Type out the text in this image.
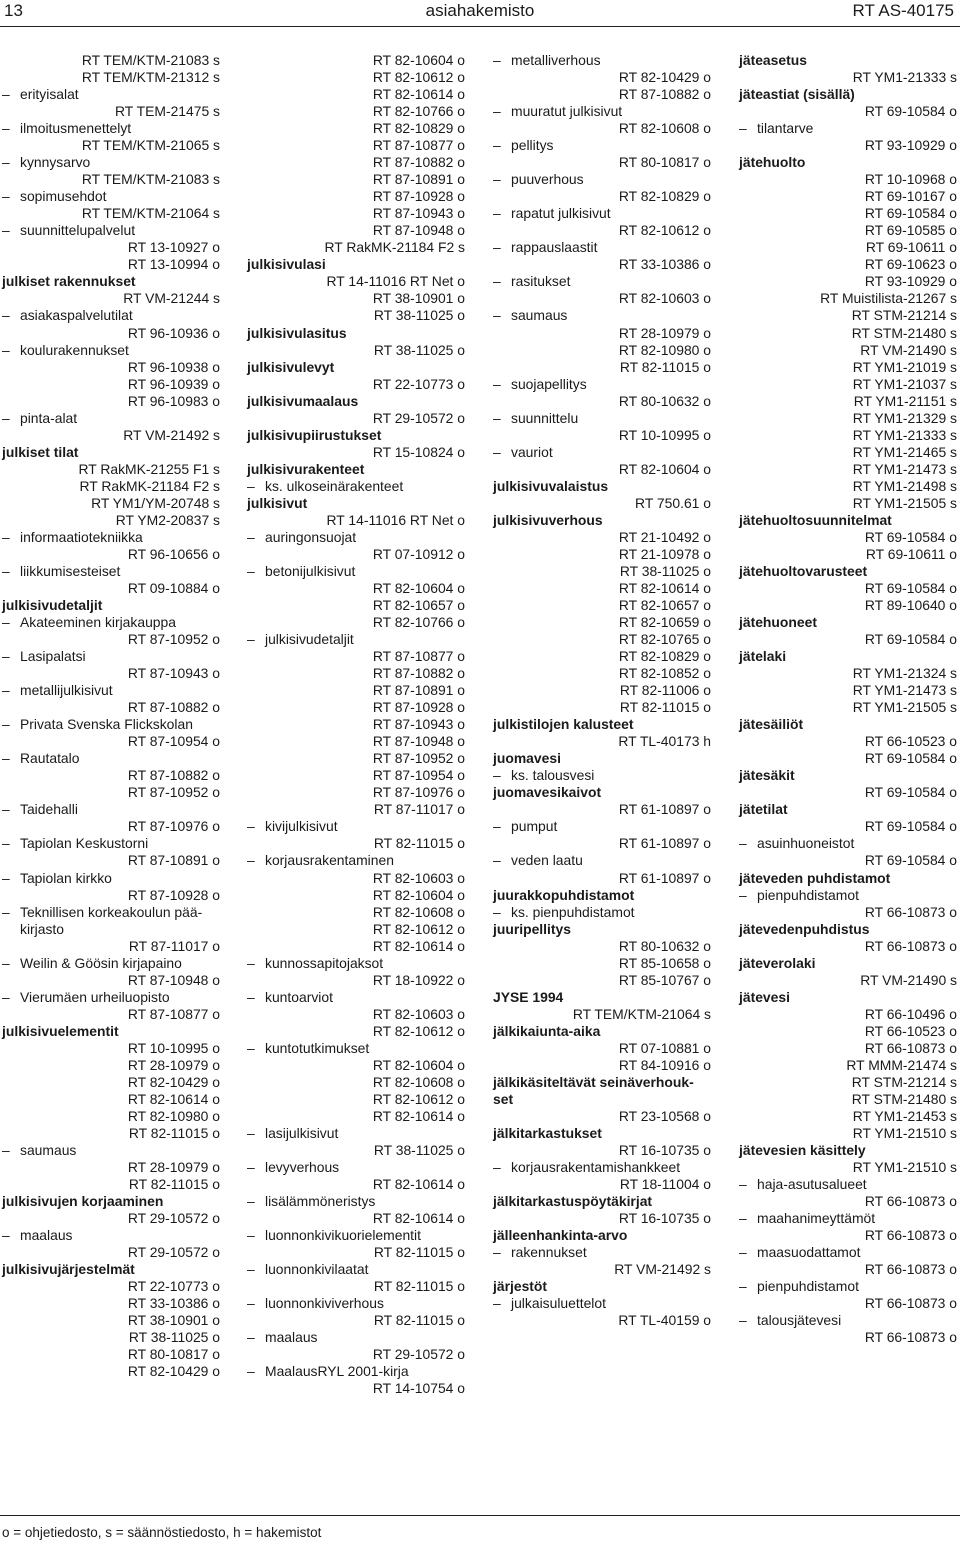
13	asiahakemisto	RT AS-40175
RT TEM/KTM-21083 s
RT TEM/KTM-21312 s
– erityisalat
RT TEM-21475 s
– ilmoitusmenettelyt
RT TEM/KTM-21065 s
– kynnysarvo
RT TEM/KTM-21083 s
– sopimusehdot
RT TEM/KTM-21064 s
– suunnittelupalvelut
RT 13-10927 o
RT 13-10994 o
julkiset rakennukset
RT VM-21244 s
– asiakaspalvelutilat
RT 96-10936 o
– koulurakennukset
RT 96-10938 o
RT 96-10939 o
RT 96-10983 o
– pinta-alat
RT VM-21492 s
julkiset tilat
RT RakMK-21255 F1 s
RT RakMK-21184 F2 s
RT YM1/YM-20748 s
RT YM2-20837 s
– informaatiotekniikka
RT 96-10656 o
– liikkumisesteiset
RT 09-10884 o
julkisivudetaljit
– Akateeminen kirjakauppa
RT 87-10952 o
– Lasipalatsi
RT 87-10943 o
– metallijulkisivut
RT 87-10882 o
– Privata Svenska Flickskolan
RT 87-10954 o
– Rautatalo
RT 87-10882 o
RT 87-10952 o
– Taidehalli
RT 87-10976 o
– Tapiolan Keskustorni
RT 87-10891 o
– Tapiolan kirkko
RT 87-10928 o
– Teknillisen korkeakoulun pää-
kirjasto
RT 87-11017 o
– Weilin & Göösin kirjapaino
RT 87-10948 o
– Vierumäen urheiluopisto
RT 87-10877 o
julkisivuelementit
RT 10-10995 o
RT 28-10979 o
RT 82-10429 o
RT 82-10614 o
RT 82-10980 o
RT 82-11015 o
– saumaus
RT 28-10979 o
RT 82-11015 o
julkisivujen korjaaminen
RT 29-10572 o
– maalaus
RT 29-10572 o
julkisivujärjestelmät
RT 22-10773 o
RT 33-10386 o
RT 38-10901 o
RT 38-11025 o
RT 80-10817 o
RT 82-10429 o
RT 82-10604 o
RT 82-10612 o
RT 82-10614 o
RT 82-10766 o
RT 82-10829 o
RT 87-10877 o
RT 87-10882 o
RT 87-10891 o
RT 87-10928 o
RT 87-10943 o
RT 87-10948 o
RT RakMK-21184 F2 s
julkisivulasi
RT 14-11016 RT Net o
RT 38-10901 o
RT 38-11025 o
julkisivulasitus
RT 38-11025 o
julkisivulevyt
RT 22-10773 o
julkisivumaalaus
RT 29-10572 o
julkisivupiirustukset
RT 15-10824 o
julkisivurakenteet
– ks. ulkoseinärakenteet
julkisivut
RT 14-11016 RT Net o
– auringonsuojat
RT 07-10912 o
– betonijulkisivut
RT 82-10604 o
RT 82-10657 o
RT 82-10766 o
– julkisivudetaljit
RT 87-10877 o
RT 87-10882 o
RT 87-10891 o
RT 87-10928 o
RT 87-10943 o
RT 87-10948 o
RT 87-10952 o
RT 87-10954 o
RT 87-10976 o
RT 87-11017 o
– kivijulkisivut
RT 82-11015 o
– korjausrakentaminen
RT 82-10603 o
RT 82-10604 o
RT 82-10608 o
RT 82-10612 o
RT 82-10614 o
– kunnossapitojaksot
RT 18-10922 o
– kuntoarviot
RT 82-10603 o
RT 82-10612 o
– kuntotutkimukset
RT 82-10604 o
RT 82-10608 o
RT 82-10612 o
RT 82-10614 o
– lasijulkisivut
RT 38-11025 o
– levyverhous
RT 82-10614 o
– lisälämmöneristys
RT 82-10614 o
– luonnonkivikuorielementit
RT 82-11015 o
– luonnonkivilaatat
RT 82-11015 o
– luonnonkiviverhous
RT 82-11015 o
– maalaus
RT 29-10572 o
– MaalausRYL 2001-kirja
RT 14-10754 o
– metalliverhous
RT 82-10429 o
RT 87-10882 o
– muuratut julkisivut
RT 82-10608 o
– pellitys
RT 80-10817 o
– puuverhous
RT 82-10829 o
– rapatut julkisivut
RT 82-10612 o
– rappauslaastit
RT 33-10386 o
– rasitukset
RT 82-10603 o
– saumaus
RT 28-10979 o
RT 82-10980 o
RT 82-11015 o
– suojapellitys
RT 80-10632 o
– suunnittelu
RT 10-10995 o
– vauriot
RT 82-10604 o
julkisivuvalaistus
RT 750.61 o
julkisivuverhous
RT 21-10492 o
RT 21-10978 o
RT 38-11025 o
RT 82-10614 o
RT 82-10657 o
RT 82-10659 o
RT 82-10765 o
RT 82-10829 o
RT 82-10852 o
RT 82-11006 o
RT 82-11015 o
julkistilojen kalusteet
RT TL-40173 h
juomavesi
– ks. talousvesi
juomavesikaivot
RT 61-10897 o
– pumput
RT 61-10897 o
– veden laatu
RT 61-10897 o
juurakkopuhdistamot
– ks. pienpuhdistamot
juuripellitys
RT 80-10632 o
RT 85-10658 o
RT 85-10767 o
JYSE 1994
RT TEM/KTM-21064 s
jälkikaiunta-aika
RT 07-10881 o
RT 84-10916 o
jälkikäsiteltävät seinäverhouk-
set
RT 23-10568 o
jälkitarkastukset
RT 16-10735 o
– korjausrakentamishankkeet
RT 18-11004 o
jälkitarkastuspöytäkirjat
RT 16-10735 o
jälleenhankinta-arvo
– rakennukset
RT VM-21492 s
järjestöt
– julkaisuluettelot
RT TL-40159 o
jäteasetus
RT YM1-21333 s
jäteastiat (sisällä)
RT 69-10584 o
– tilantarve
RT 93-10929 o
jätehuolto
RT 10-10968 o
RT 69-10167 o
RT 69-10584 o
RT 69-10585 o
RT 69-10611 o
RT 69-10623 o
RT 93-10929 o
RT Muistilista-21267 s
RT STM-21214 s
RT STM-21480 s
RT VM-21490 s
RT YM1-21019 s
RT YM1-21037 s
RT YM1-21151 s
RT YM1-21329 s
RT YM1-21333 s
RT YM1-21465 s
RT YM1-21473 s
RT YM1-21498 s
RT YM1-21505 s
jätehuoltosuunnitelmat
RT 69-10584 o
RT 69-10611 o
jätehuoltovarusteet
RT 69-10584 o
RT 89-10640 o
jätehuoneet
RT 69-10584 o
jätelaki
RT YM1-21324 s
RT YM1-21473 s
RT YM1-21505 s
jätesäiliöt
RT 66-10523 o
RT 69-10584 o
jätesäkit
RT 69-10584 o
jätetilat
RT 69-10584 o
– asuinhuoneistot
RT 69-10584 o
jäteveden puhdistamot
– pienpuhdistamot
RT 66-10873 o
jätevedenpuhdistus
RT 66-10873 o
jäteverolaki
RT VM-21490 s
jätevesi
RT 66-10496 o
RT 66-10523 o
RT 66-10873 o
RT MMM-21474 s
RT STM-21214 s
RT STM-21480 s
RT YM1-21453 s
RT YM1-21510 s
jätevesien käsittely
RT YM1-21510 s
– haja-asutusalueet
RT 66-10873 o
– maahanimeyttämöt
RT 66-10873 o
– maasuodattamot
RT 66-10873 o
– pienpuhdistamot
RT 66-10873 o
– talousjätevesi
RT 66-10873 o
o = ohjetiedosto, s = säännöstiedosto, h = hakemistot
